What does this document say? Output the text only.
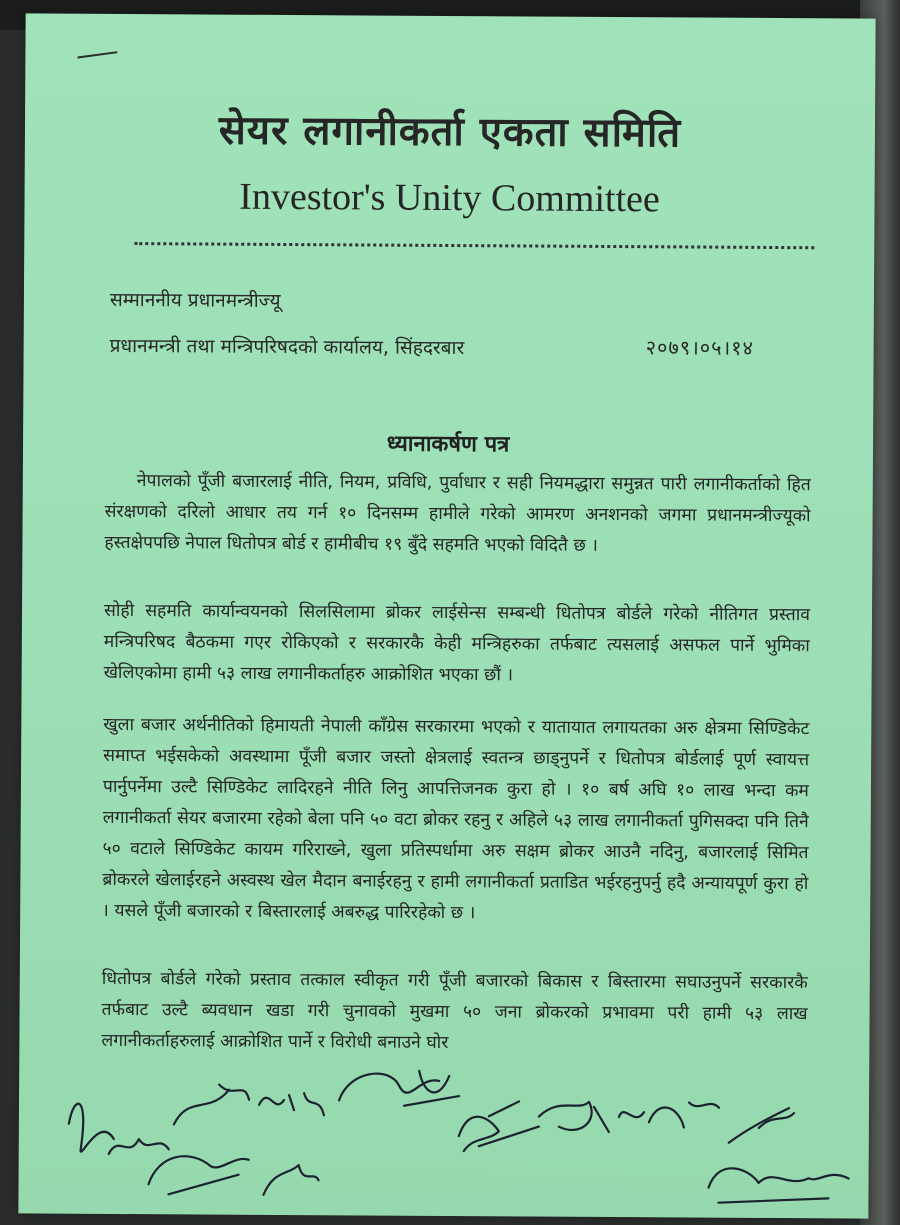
सेयर लगानीकर्ता एकता समिति
Investor's Unity Committee
सम्माननीय प्रधानमन्त्रीज्यू
प्रधानमन्त्री तथा मन्त्रिपरिषदको कार्यालय, सिंहदरबार	२०७९।०५।१४
ध्यानाकर्षण पत्र

नेपालको पूँजी बजारलाई नीति, नियम, प्रविधि, पुर्वाधार र सही नियमद्धारा समुन्नत पारी लगानीकर्ताको हित संरक्षणको दरिलो आधार तय गर्न १० दिनसम्म हामीले गरेको आमरण अनशनको जगमा प्रधानमन्त्रीज्यूको हस्तक्षेपपछि नेपाल धितोपत्र बोर्ड र हामीबीच १९ बुँदे सहमति भएको विदितै छ ।

सोही सहमति कार्यान्वयनको सिलसिलामा ब्रोकर लाईसेन्स सम्बन्धी धितोपत्र बोर्डले गरेको नीतिगत प्रस्ताव मन्त्रिपरिषद बैठकमा गएर रोकिएको र सरकारकै केही मन्त्रिहरुका तर्फबाट त्यसलाई असफल पार्ने भुमिका खेलिएकोमा हामी ५३ लाख लगानीकर्ताहरु आक्रोशित भएका छौं ।

खुला बजार अर्थनीतिको हिमायती नेपाली काँग्रेस सरकारमा भएको र यातायात लगायतका अरु क्षेत्रमा सिण्डिकेट समाप्त भईसकेको अवस्थामा पूँजी बजार जस्तो क्षेत्रलाई स्वतन्त्र छाड्नुपर्ने र धितोपत्र बोर्डलाई पूर्ण स्वायत्त पार्नुपर्नेमा उल्टै सिण्डिकेट लादिरहने नीति लिनु आपत्तिजनक कुरा हो । १० बर्ष अघि १० लाख भन्दा कम लगानीकर्ता सेयर बजारमा रहेको बेला पनि ५० वटा ब्रोकर रहनु र अहिले ५३ लाख लगानीकर्ता पुगिसक्दा पनि तिनै ५० वटाले सिण्डिकेट कायम गरिराख्ने, खुला प्रतिस्पर्धामा अरु सक्षम ब्रोकर आउनै नदिनु, बजारलाई सिमित ब्रोकरले खेलाईरहने अस्वस्थ खेल मैदान बनाईरहनु र हामी लगानीकर्ता प्रताडित भईरहनुपर्नु हदै अन्यायपूर्ण कुरा हो । यसले पूँजी बजारको र बिस्तारलाई अबरुद्ध पारिरहेको छ ।

धितोपत्र बोर्डले गरेको प्रस्ताव तत्काल स्वीकृत गरी पूँजी बजारको बिकास र बिस्तारमा सघाउनुपर्ने सरकारकै तर्फबाट उल्टै ब्यवधान खडा गरी चुनावको मुखमा ५० जना ब्रोकरको प्रभावमा परी हामी ५३ लाख लगानीकर्ताहरुलाई आक्रोशित पार्ने र विरोधी बनाउने घोर
